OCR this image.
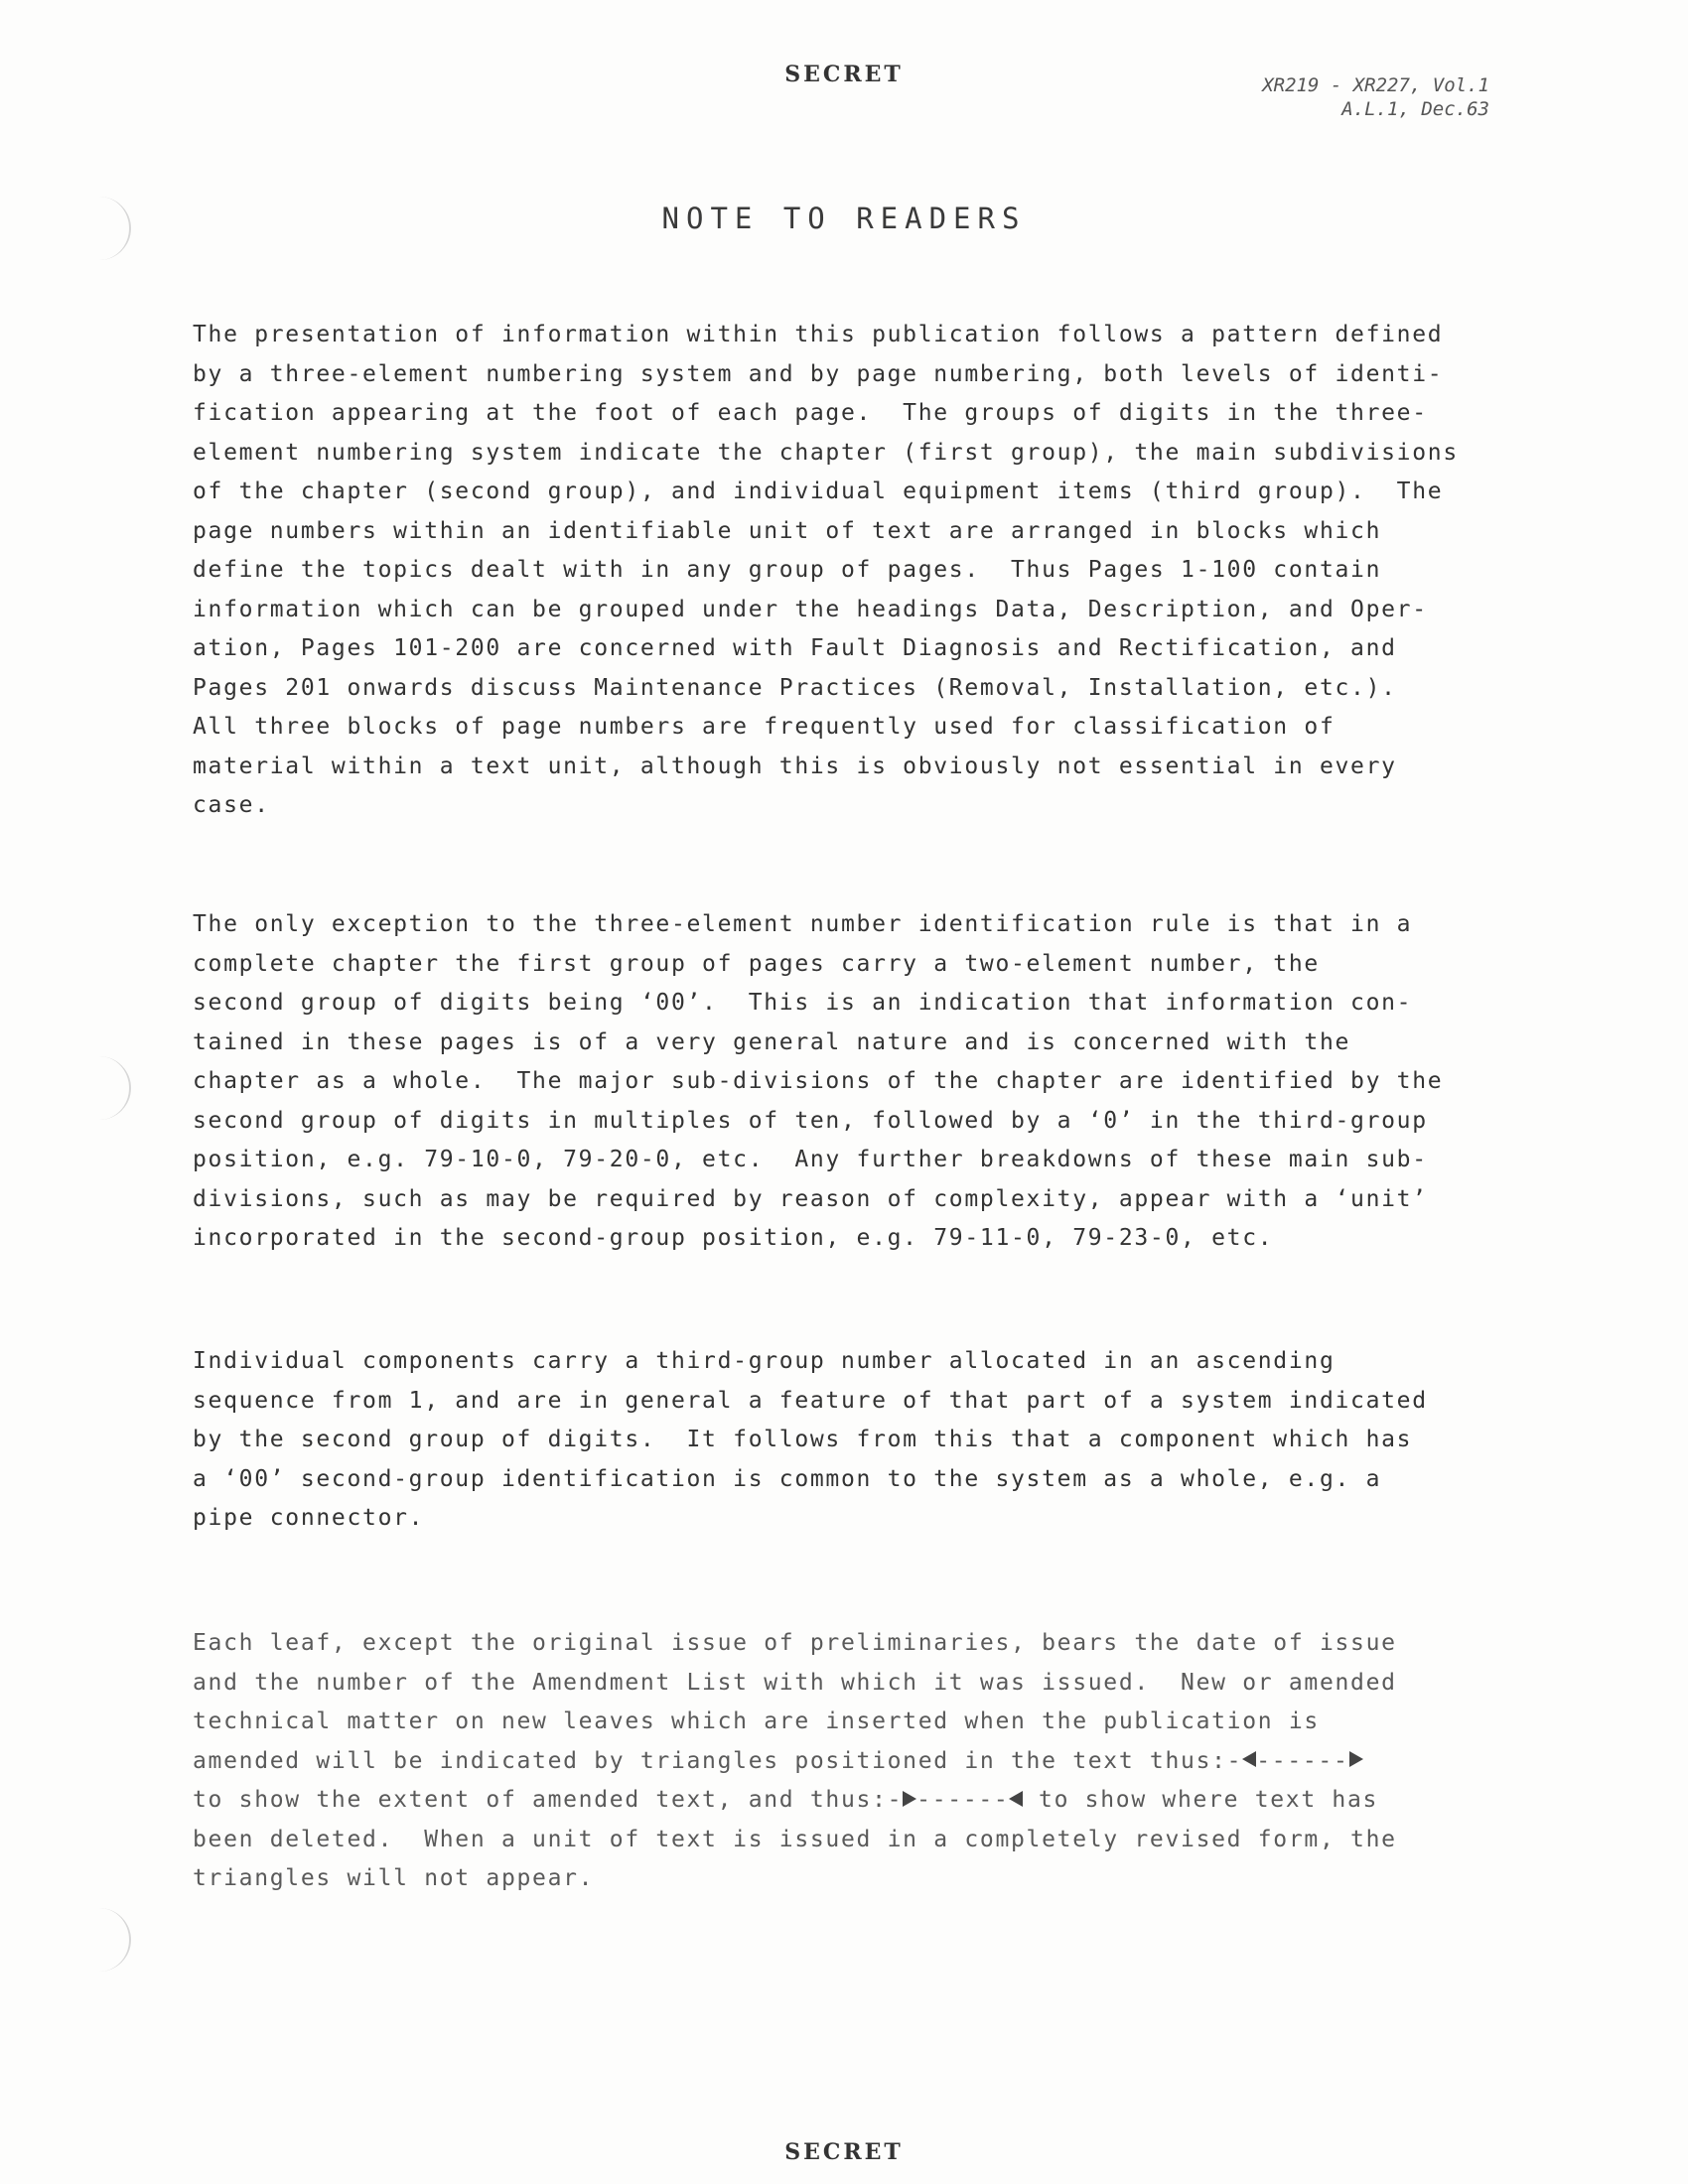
SECRET	XR219 - XR227, Vol.1
A.L.1, Dec.63
NOTE TO READERS
The presentation of information within this publication follows a pattern defined
by a three-element numbering system and by page numbering, both levels of identi-
fication appearing at the foot of each page.  The groups of digits in the three-
element numbering system indicate the chapter (first group), the main subdivisions
of the chapter (second group), and individual equipment items (third group).  The
page numbers within an identifiable unit of text are arranged in blocks which
define the topics dealt with in any group of pages.  Thus Pages 1-100 contain
information which can be grouped under the headings Data, Description, and Oper-
ation, Pages 101-200 are concerned with Fault Diagnosis and Rectification, and
Pages 201 onwards discuss Maintenance Practices (Removal, Installation, etc.).
All three blocks of page numbers are frequently used for classification of
material within a text unit, although this is obviously not essential in every
case.
The only exception to the three-element number identification rule is that in a
complete chapter the first group of pages carry a two-element number, the
second group of digits being ‘00’.  This is an indication that information con-
tained in these pages is of a very general nature and is concerned with the
chapter as a whole.  The major sub-divisions of the chapter are identified by the
second group of digits in multiples of ten, followed by a ‘0’ in the third-group
position, e.g. 79-10-0, 79-20-0, etc.  Any further breakdowns of these main sub-
divisions, such as may be required by reason of complexity, appear with a ‘unit’
incorporated in the second-group position, e.g. 79-11-0, 79-23-0, etc.
Individual components carry a third-group number allocated in an ascending
sequence from 1, and are in general a feature of that part of a system indicated
by the second group of digits.  It follows from this that a component which has
a ‘00’ second-group identification is common to the system as a whole, e.g. a
pipe connector.
Each leaf, except the original issue of preliminaries, bears the date of issue
and the number of the Amendment List with which it was issued.  New or amended
technical matter on new leaves which are inserted when the publication is
amended will be indicated by triangles positioned in the text thus:- ------
to show the extent of amended text, and thus:- ------ to show where text has
been deleted.  When a unit of text is issued in a completely revised form, the
triangles will not appear.
SECRET
